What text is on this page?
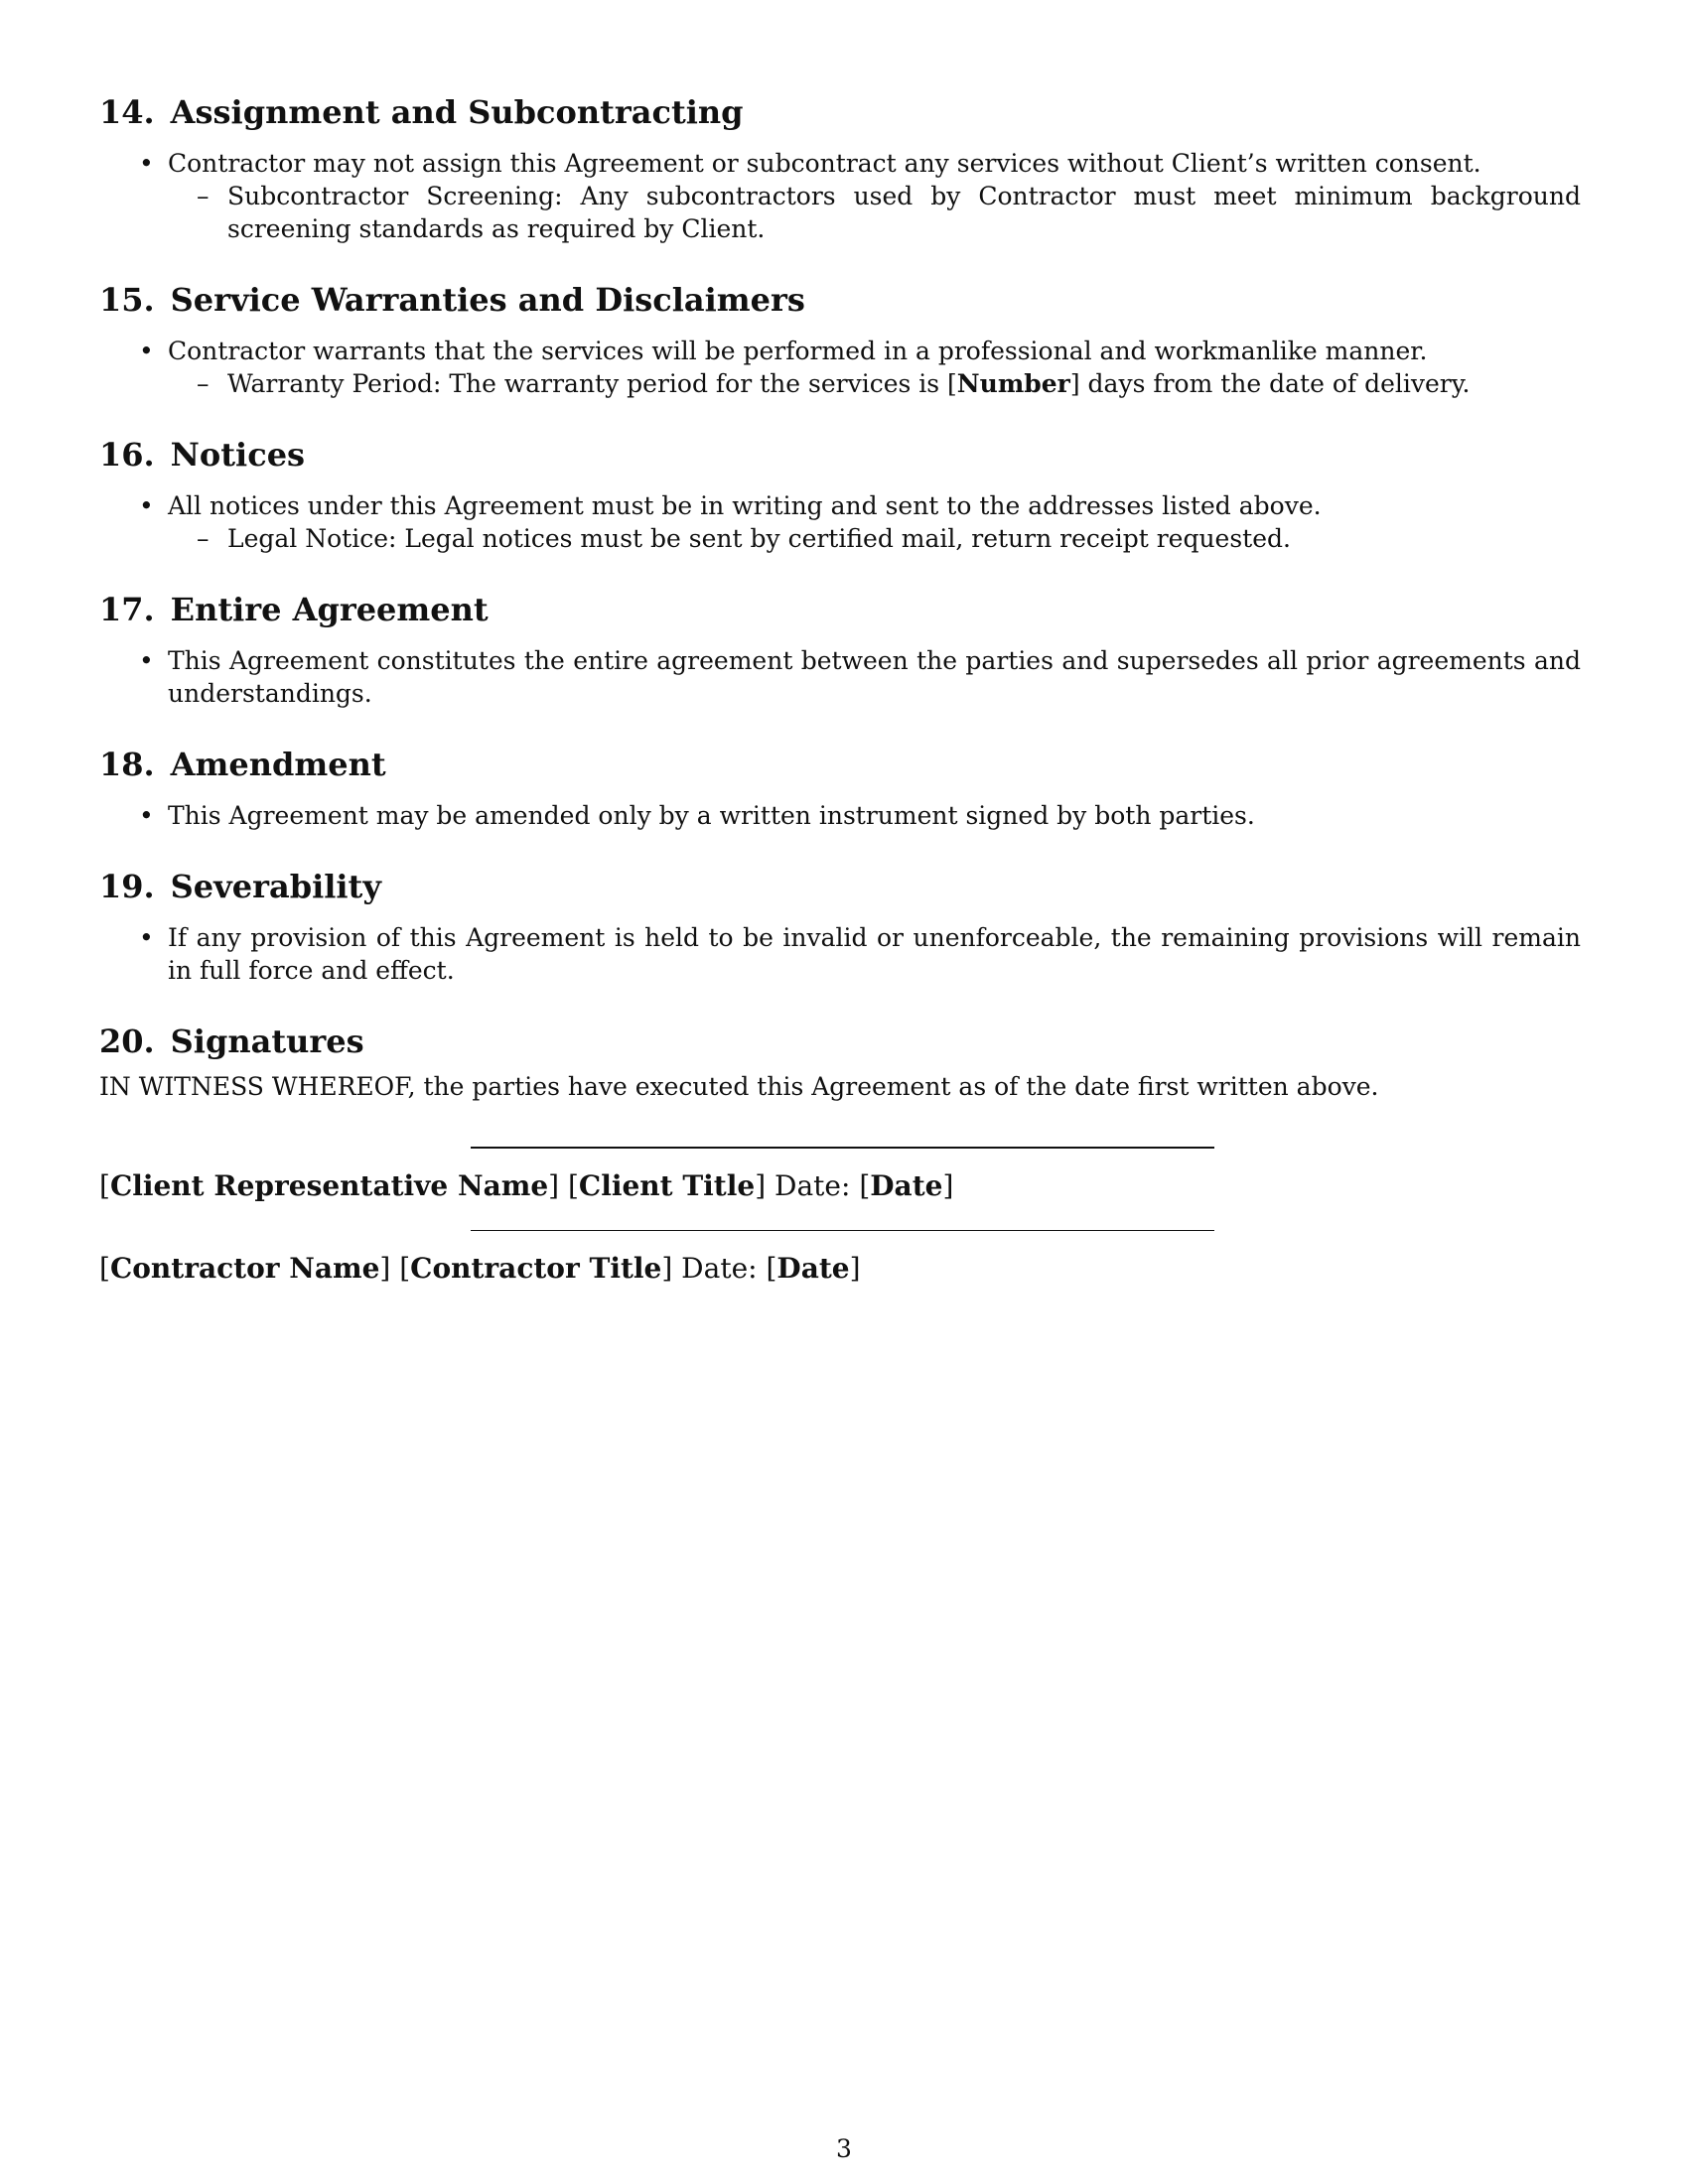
14. Assignment and Subcontracting
• Contractor may not assign this Agreement or subcontract any services without Client’s written consent.
– Subcontractor Screening: Any subcontractors used by Contractor must meet minimum background screening standards as required by Client.
15. Service Warranties and Disclaimers
• Contractor warrants that the services will be performed in a professional and workmanlike manner.
– Warranty Period: The warranty period for the services is [Number] days from the date of delivery.
16. Notices
• All notices under this Agreement must be in writing and sent to the addresses listed above.
– Legal Notice: Legal notices must be sent by certified mail, return receipt requested.
17. Entire Agreement
• This Agreement constitutes the entire agreement between the parties and supersedes all prior agreements and understandings.
18. Amendment
• This Agreement may be amended only by a written instrument signed by both parties.
19. Severability
• If any provision of this Agreement is held to be invalid or unenforceable, the remaining provisions will remain in full force and effect.
20. Signatures

IN WITNESS WHEREOF, the parties have executed this Agreement as of the date first written above.

[Client Representative Name] [Client Title] Date: [Date]
[Contractor Name] [Contractor Title] Date: [Date]
3
